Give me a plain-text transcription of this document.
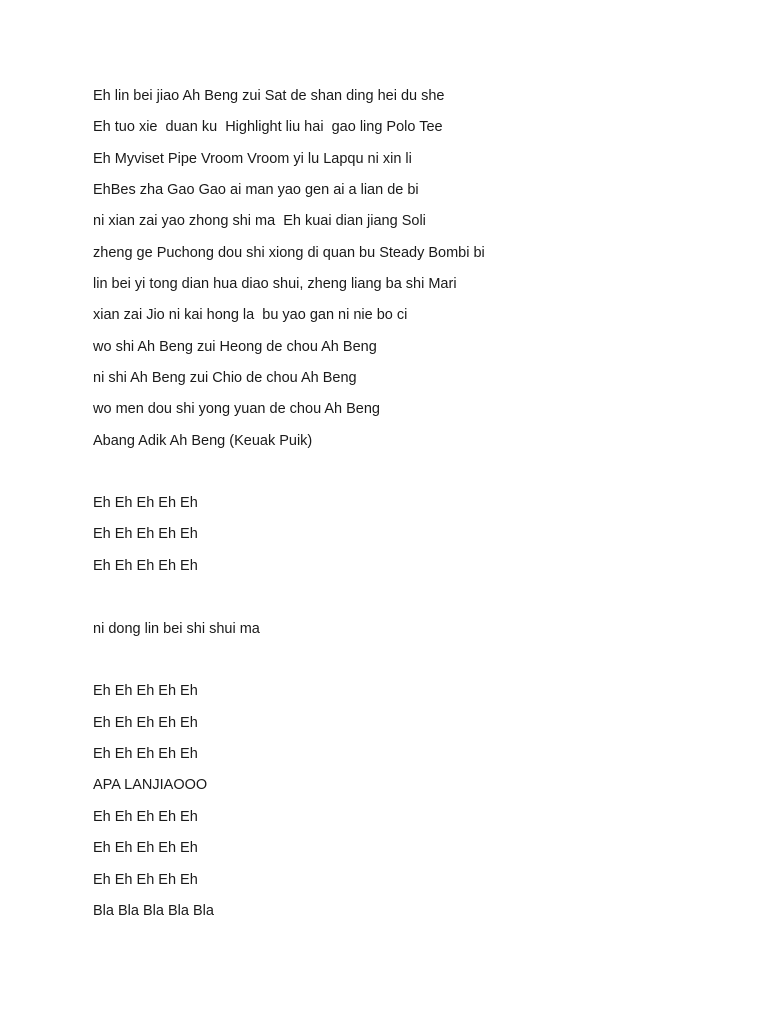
Eh lin bei jiao Ah Beng zui Sat de shan ding hei du she
Eh tuo xie  duan ku  Highlight liu hai  gao ling Polo Tee
Eh Myviset Pipe Vroom Vroom yi lu Lapqu ni xin li
EhBes zha Gao Gao ai man yao gen ai a lian de bi
ni xian zai yao zhong shi ma  Eh kuai dian jiang Soli
zheng ge Puchong dou shi xiong di quan bu Steady Bombi bi
lin bei yi tong dian hua diao shui, zheng liang ba shi Mari
xian zai Jio ni kai hong la  bu yao gan ni nie bo ci
wo shi Ah Beng zui Heong de chou Ah Beng
ni shi Ah Beng zui Chio de chou Ah Beng
wo men dou shi yong yuan de chou Ah Beng
Abang Adik Ah Beng (Keuak Puik)
Eh Eh Eh Eh Eh
Eh Eh Eh Eh Eh
Eh Eh Eh Eh Eh
ni dong lin bei shi shui ma
Eh Eh Eh Eh Eh
Eh Eh Eh Eh Eh
Eh Eh Eh Eh Eh
APA LANJIAOOO
Eh Eh Eh Eh Eh
Eh Eh Eh Eh Eh
Eh Eh Eh Eh Eh
Bla Bla Bla Bla Bla
